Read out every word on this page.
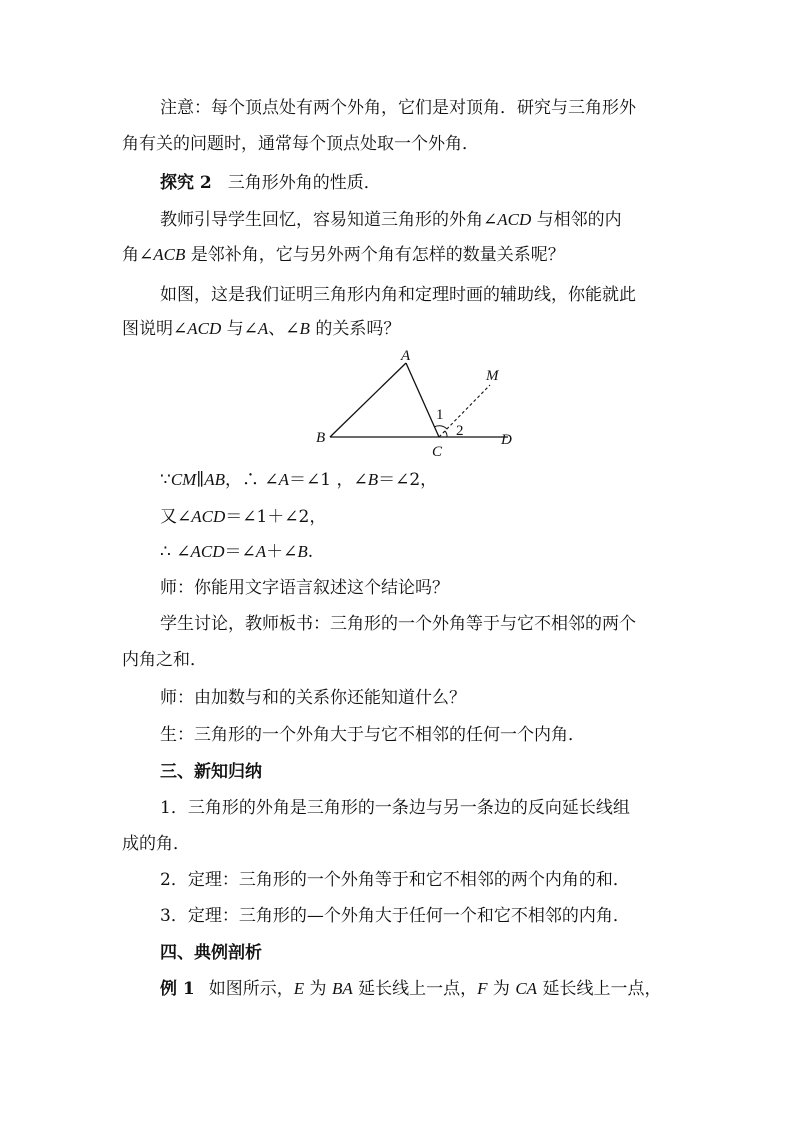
注意：每个顶点处有两个外角，它们是对顶角．研究与三角形外
角有关的问题时，通常每个顶点处取一个外角．
探究 2 三角形外角的性质．
教师引导学生回忆，容易知道三角形的外角∠ACD 与相邻的内
角∠ACB 是邻补角，它与另外两个角有怎样的数量关系呢？
如图，这是我们证明三角形内角和定理时画的辅助线，你能就此
图说明∠ACD 与∠A、∠B 的关系吗？
A
B
C
D
M
1
2
∵CM∥AB，∴ ∠A＝∠1 ，∠B＝∠2，
又∠ACD＝∠1＋∠2，
∴ ∠ACD＝∠A＋∠B.
师：你能用文字语言叙述这个结论吗？
学生讨论，教师板书：三角形的一个外角等于与它不相邻的两个
内角之和．
师：由加数与和的关系你还能知道什么？
生：三角形的一个外角大于与它不相邻的任何一个内角．
三、新知归纳
1．三角形的外角是三角形的一条边与另一条边的反向延长线组
成的角．
2．定理：三角形的一个外角等于和它不相邻的两个内角的和．
3．定理：三角形的—个外角大于任何一个和它不相邻的内角．
四、典例剖析
例 1 如图所示，E 为 BA 延长线上一点，F 为 CA 延长线上一点，
